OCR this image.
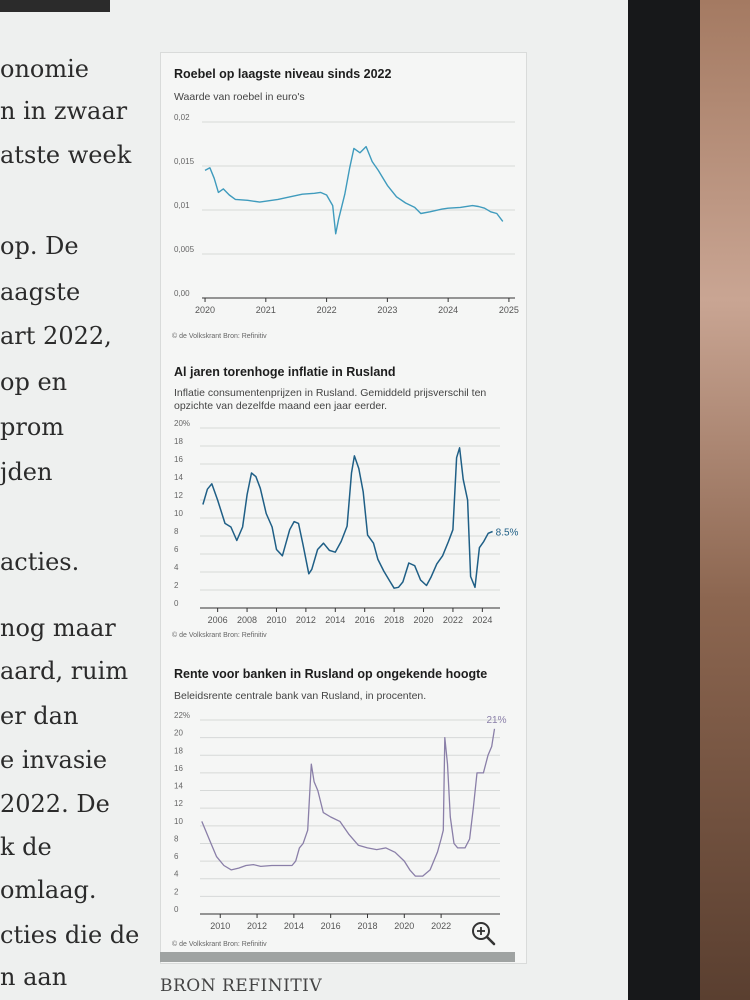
onomie
n in zwaar
atste week
op. De
aagste
art 2022,
op en
prom
jden
acties.
nog maar
aard, ruim
er dan
e invasie
2022. De
k de
omlaag.
cties die de
n aan
Roebel op laagste niveau sinds 2022
Waarde van roebel in euro's
0,00
0,005
0,01
0,015
0,02
2020	2021	2022	2023	2024	2025
© de Volkskrant Bron: Refinitiv
Al jaren torenhoge inflatie in Rusland
Inflatie consumentenprijzen in Rusland. Gemiddeld prijsverschil ten opzichte van dezelfde maand een jaar eerder.
0
2
4
6
8
10
12
14
16
18
20%
2006 2008 2010 2012 2014 2016 2018 2020 2022 2024
8.5%
© de Volkskrant Bron: Refinitiv
Rente voor banken in Rusland op ongekende hoogte
Beleidsrente centrale bank van Rusland, in procenten.
0
2
4
6
8
10
12
14
16
18
20
22%
2010 2012 2014 2016 2018 2020 2022
21%
© de Volkskrant Bron: Refinitiv
BRON REFINITIV
